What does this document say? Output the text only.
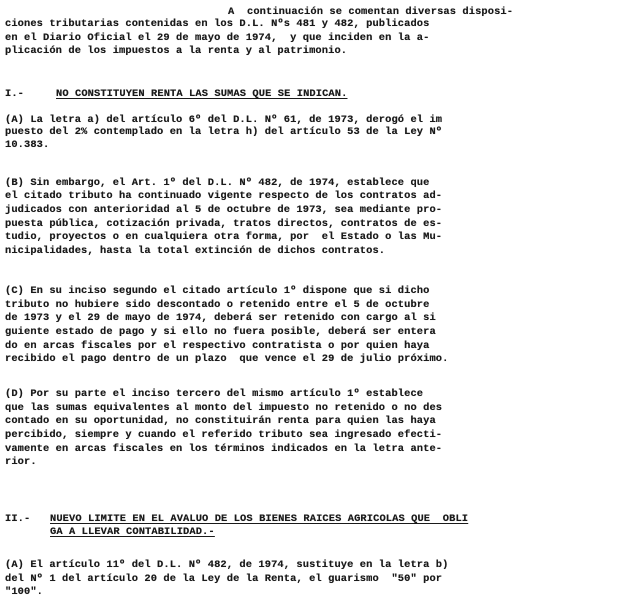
A  continuación se comentan diversas disposi-
ciones tributarias contenidas en los D.L. Nºs 481 y 482, publicados
en el Diario Oficial el 29 de mayo de 1974,  y que inciden en la a-
plicación de los impuestos a la renta y al patrimonio.
I.-	NO CONSTITUYEN RENTA LAS SUMAS QUE SE INDICAN.
(A) La letra a) del artículo 6º del D.L. Nº 61, de 1973, derogó el im
puesto del 2% contemplado en la letra h) del artículo 53 de la Ley Nº
10.383.
(B) Sin embargo, el Art. 1º del D.L. Nº 482, de 1974, establece que
el citado tributo ha continuado vigente respecto de los contratos ad-
judicados con anterioridad al 5 de octubre de 1973, sea mediante pro-
puesta pública, cotización privada, tratos directos, contratos de es-
tudio, proyectos o en cualquiera otra forma, por  el Estado o las Mu-
nicipalidades, hasta la total extinción de dichos contratos.
(C) En su inciso segundo el citado artículo 1º dispone que si dicho
tributo no hubiere sido descontado o retenido entre el 5 de octubre
de 1973 y el 29 de mayo de 1974, deberá ser retenido con cargo al si
guiente estado de pago y si ello no fuera posible, deberá ser entera
do en arcas fiscales por el respectivo contratista o por quien haya
recibido el pago dentro de un plazo  que vence el 29 de julio próximo.
(D) Por su parte el inciso tercero del mismo artículo 1º establece
que las sumas equivalentes al monto del impuesto no retenido o no des
contado en su oportunidad, no constituirán renta para quien las haya
percibido, siempre y cuando el referido tributo sea ingresado efecti-
vamente en arcas fiscales en los términos indicados en la letra ante-
rior.
II.- NUEVO LIMITE EN EL AVALUO DE LOS BIENES RAICES AGRICOLAS QUE  OBLI
GA A LLEVAR CONTABILIDAD.-
(A) El artículo 11º del D.L. Nº 482, de 1974, sustituye en la letra b)
del Nº 1 del artículo 20 de la Ley de la Renta, el guarismo  "50" por
"100".
